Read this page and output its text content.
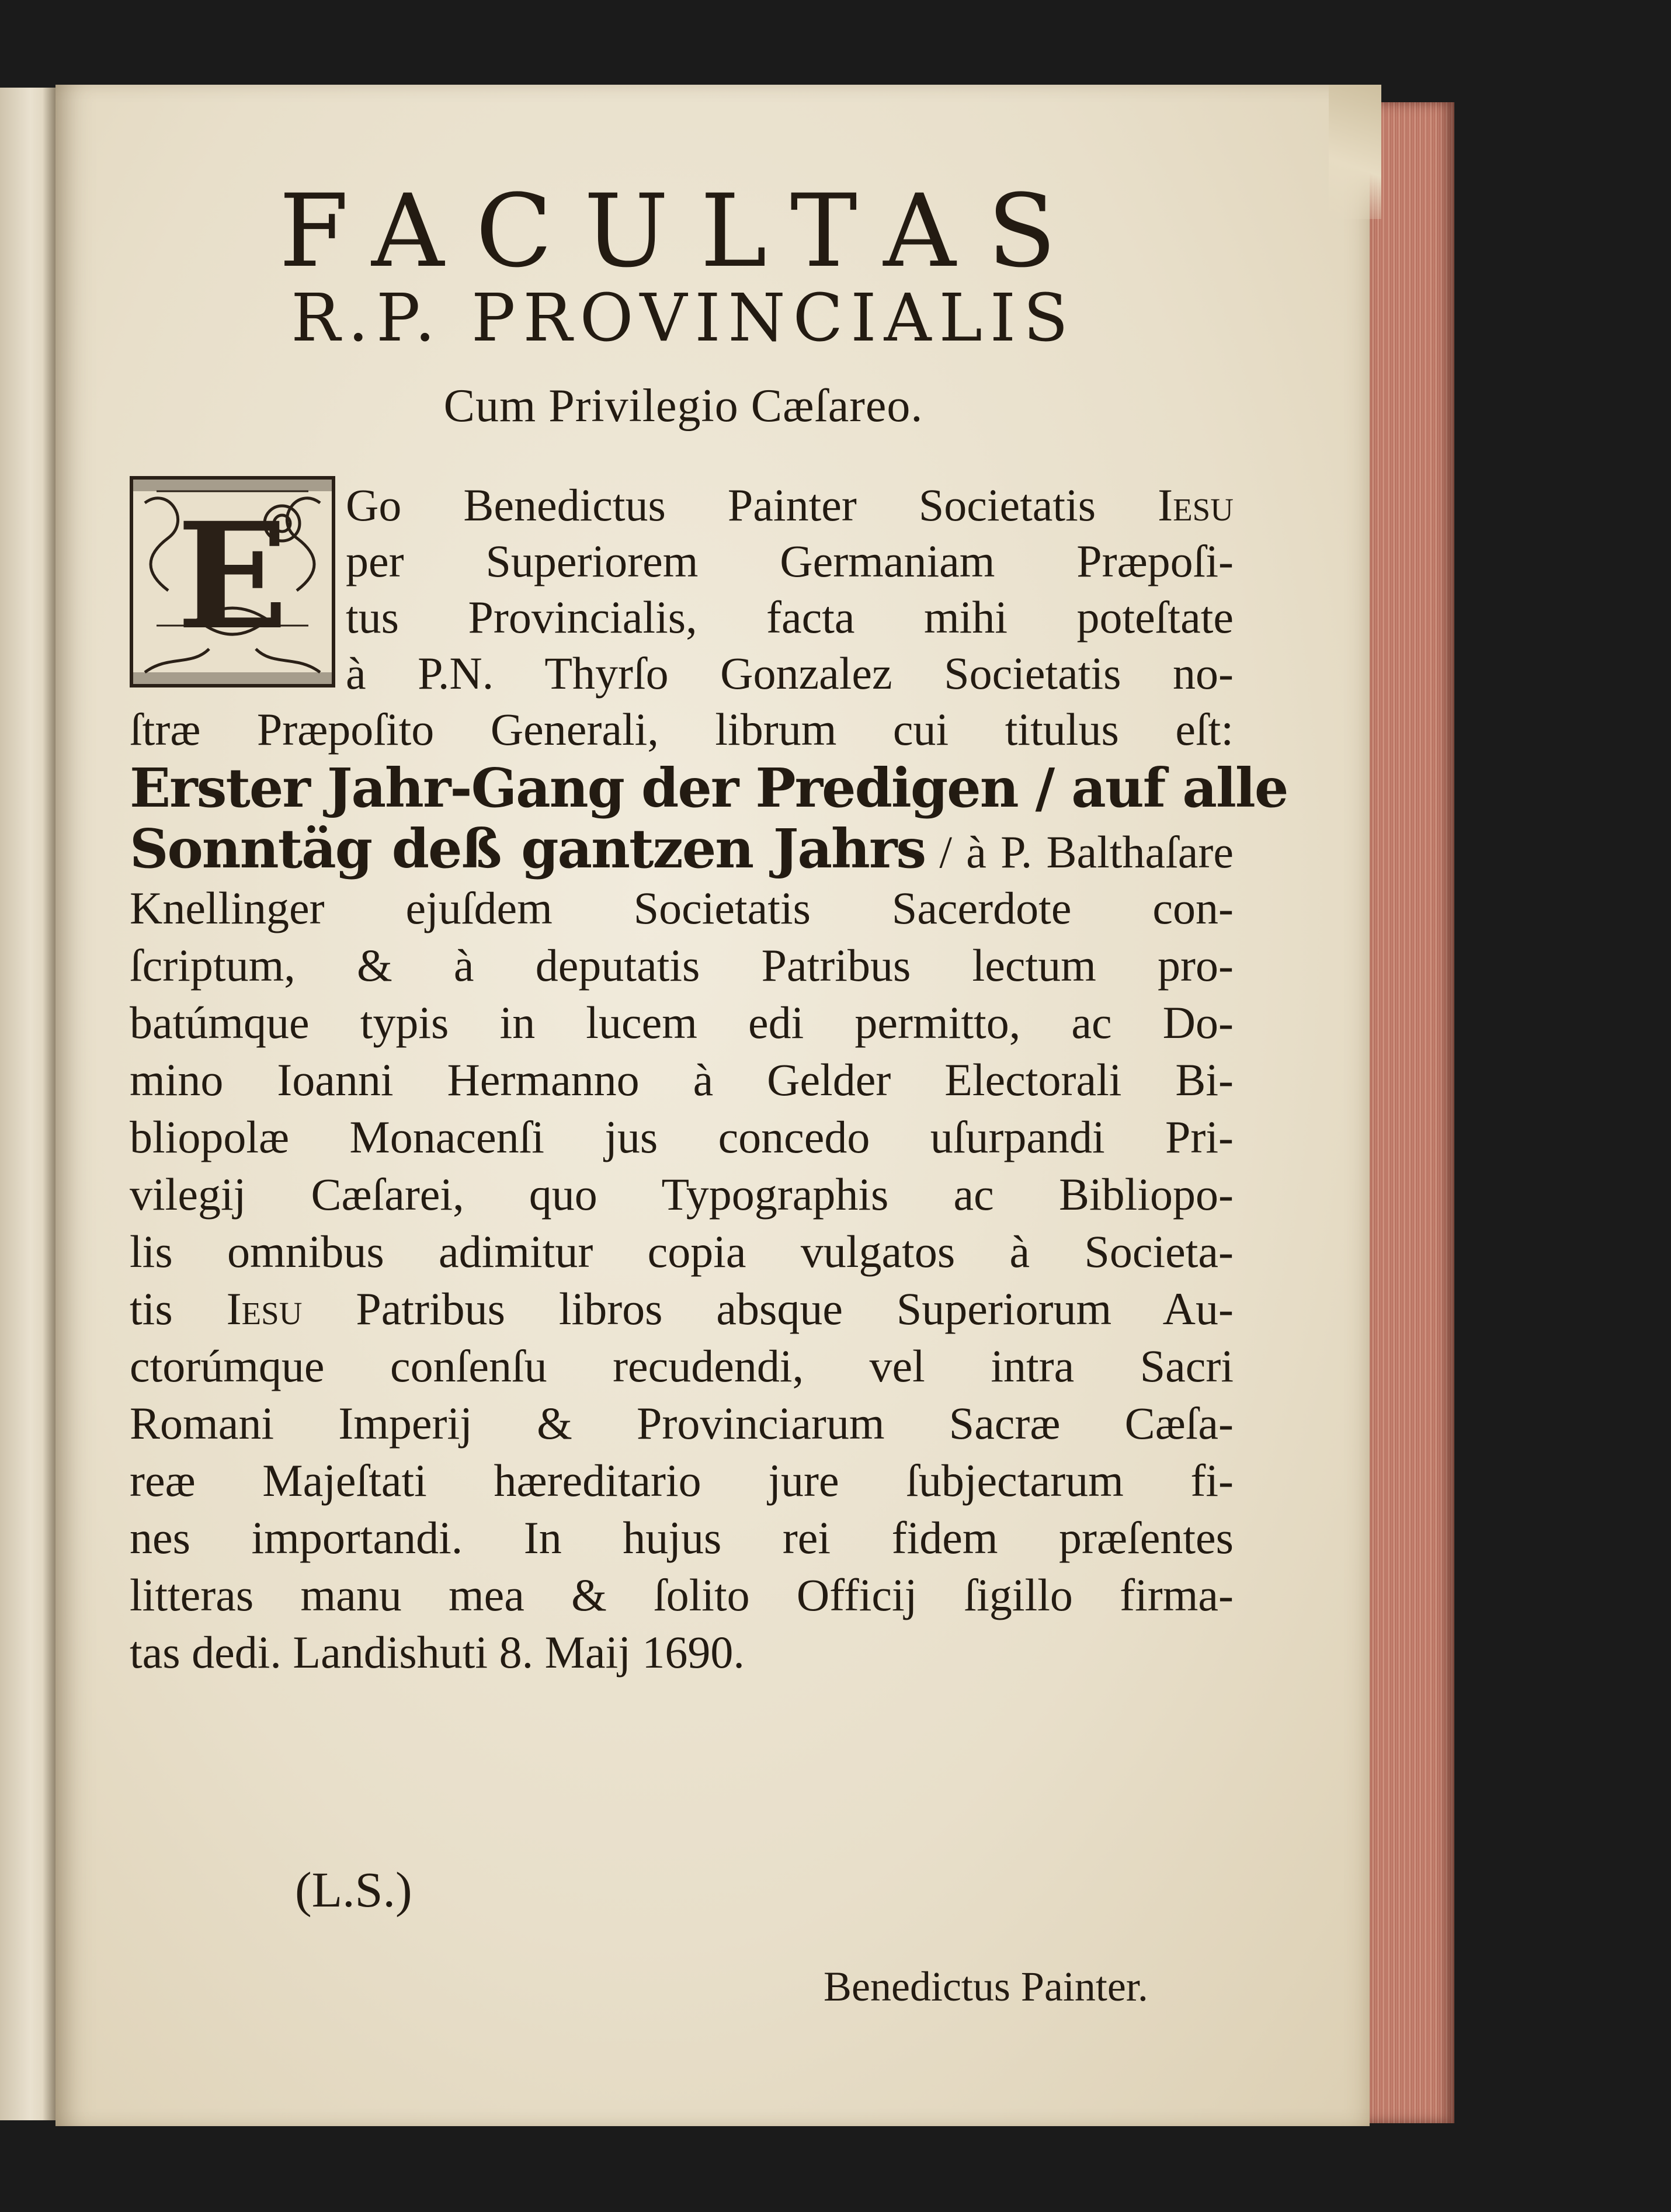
FACULTAS
R.P. PROVINCIALIS
Cum Privilegio Cæſareo.
E	Go Benedictus Painter Societatis Iesu

per Superiorem Germaniam Præpoſi-

tus Provincialis, facta mihi poteſtate

à P.N. Thyrſo Gonzalez Societatis no-

ſtræ Præpoſito Generali, librum cui titulus eſt:

Erster Jahr-Gang der Predigen / auf alle

Sonntäg deß gantzen Jahrs / à P. Balthaſare

Knellinger ejuſdem Societatis Sacerdote con-

ſcriptum, & à deputatis Patribus lectum pro-

batúmque typis in lucem edi permitto, ac Do-

mino Ioanni Hermanno à Gelder Electorali Bi-

bliopolæ Monacenſi jus concedo uſurpandi Pri-

vilegij Cæſarei, quo Typographis ac Bibliopo-

lis omnibus adimitur copia vulgatos à Societa-

tis Iesu Patribus libros absque Superiorum Au-

ctorúmque conſenſu recudendi, vel intra Sacri

Romani Imperij & Provinciarum Sacræ Cæſa-

reæ Majeſtati hæreditario jure ſubjectarum fi-

nes importandi. In hujus rei fidem præſentes

litteras manu mea & ſolito Officij ſigillo firma-

tas dedi. Landishuti 8. Maij 1690.

(L.S.)

Benedictus Painter.
